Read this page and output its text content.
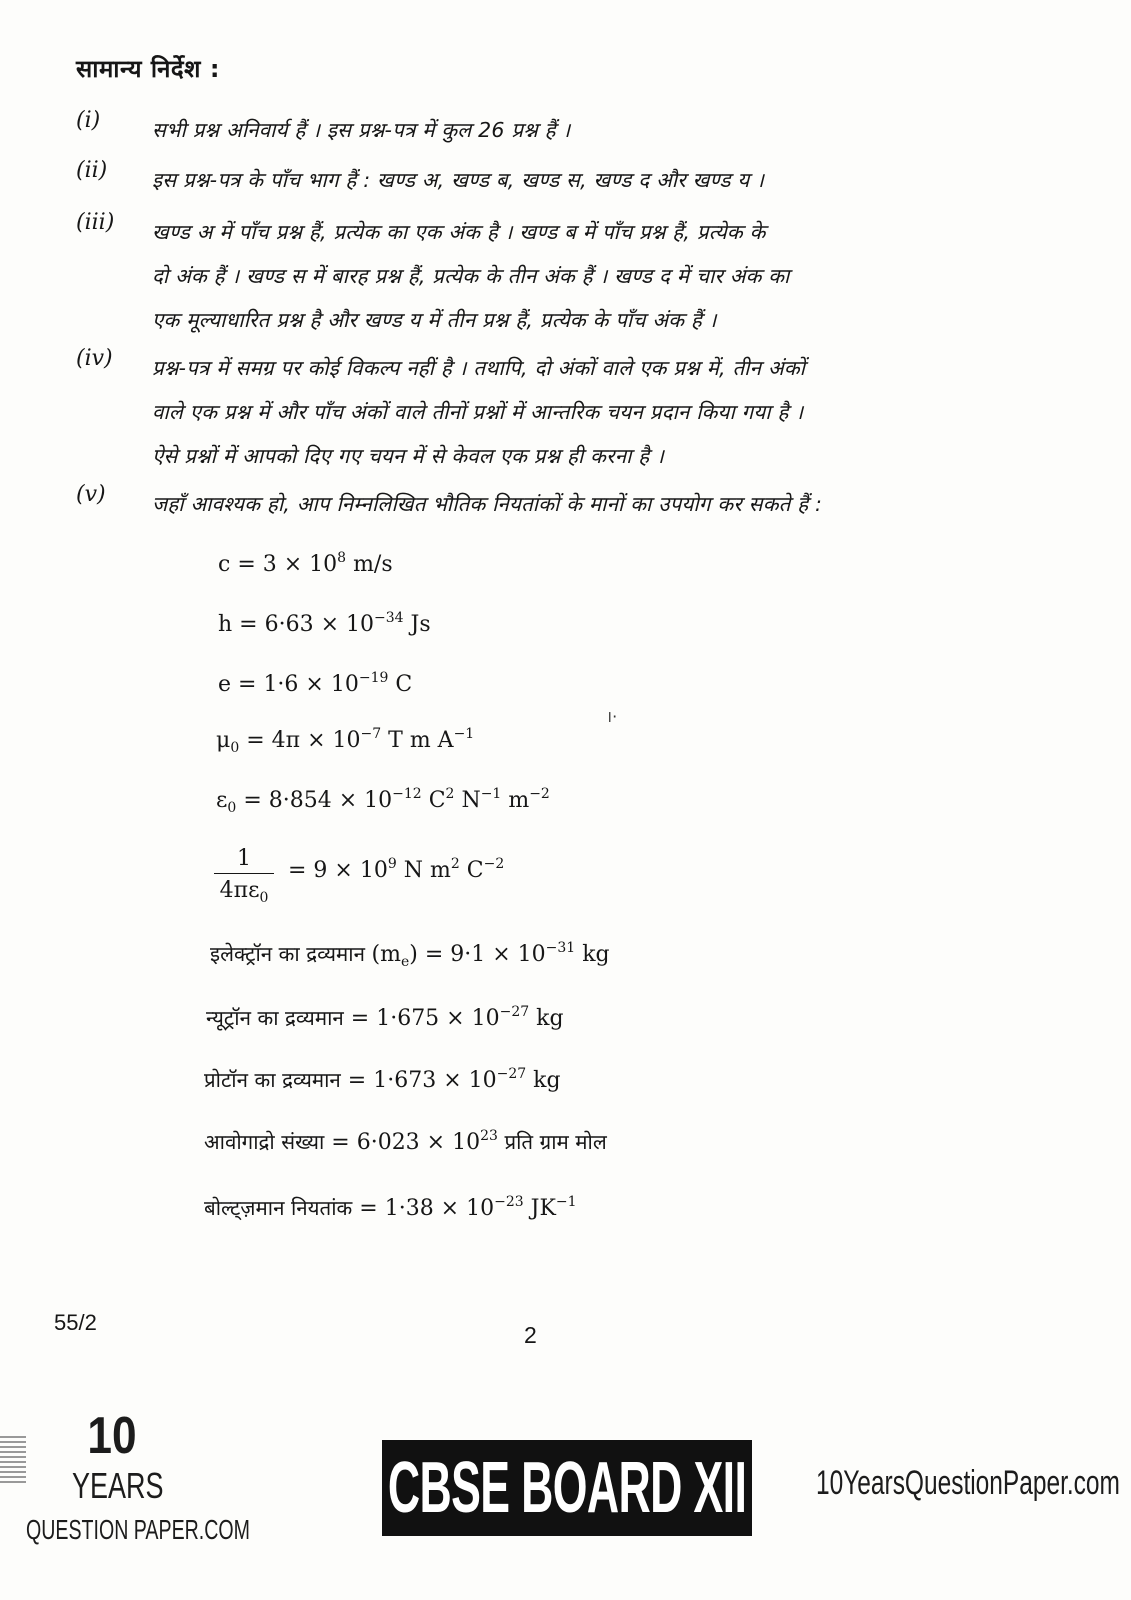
सामान्य निर्देश :
(i)	सभी प्रश्न अनिवार्य हैं । इस प्रश्न-पत्र में कुल 26 प्रश्न हैं ।

(ii)	इस प्रश्न-पत्र के पाँच भाग हैं : खण्ड अ, खण्ड ब, खण्ड स, खण्ड द और खण्ड य ।

(iii)	खण्ड अ में पाँच प्रश्न हैं, प्रत्येक का एक अंक है । खण्ड ब में पाँच प्रश्न हैं, प्रत्येक के

दो अंक हैं । खण्ड स में बारह प्रश्न हैं, प्रत्येक के तीन अंक हैं । खण्ड द में चार अंक का

एक मूल्याधारित प्रश्न है और खण्ड य में तीन प्रश्न हैं, प्रत्येक के पाँच अंक हैं ।

(iv)	प्रश्न-पत्र में समग्र पर कोई विकल्प नहीं है । तथापि, दो अंकों वाले एक प्रश्न में, तीन अंकों

वाले एक प्रश्न में और पाँच अंकों वाले तीनों प्रश्नों में आन्तरिक चयन प्रदान किया गया है ।

ऐसे प्रश्नों में आपको दिए गए चयन में से केवल एक प्रश्न ही करना है ।

(v)	जहाँ आवश्यक हो, आप निम्नलिखित भौतिक नियतांकों के मानों का उपयोग कर सकते हैं :

$c = 3 \times 10^8$ m/s
$h = 6\cdot 63 \times 10^{-34}$ Js
$e = 1\cdot 6 \times 10^{-19}$ C
।·
$\mu_0 = 4\pi \times 10^{-7}$ T m $A^{-1}$
$\varepsilon_0 = 8\cdot 854 \times 10^{-12}$ $C^2$ $N^{-1}$ $m^{-2}$
1
$4\pi\varepsilon_0$
= $9 \times 10^9$ N $m^2$ $C^{-2}$
इलेक्ट्रॉन का द्रव्यमान $(m_e) = 9\cdot 1 \times 10^{-31}$ kg
न्यूट्रॉन का द्रव्यमान = $1\cdot 675 \times 10^{-27}$ kg
प्रोटॉन का द्रव्यमान = $1\cdot 673 \times 10^{-27}$ kg
आवोगाद्रो संख्या = $6\cdot 023 \times 10^{23}$ प्रति ग्राम मोल
बोल्ट्ज़मान नियतांक = $1\cdot 38 \times 10^{-23}$ $JK^{-1}$
55/2	2
10
YEARS
QUESTION PAPER.COM
CBSE BOARD XII 10YearsQuestionPaper.com
